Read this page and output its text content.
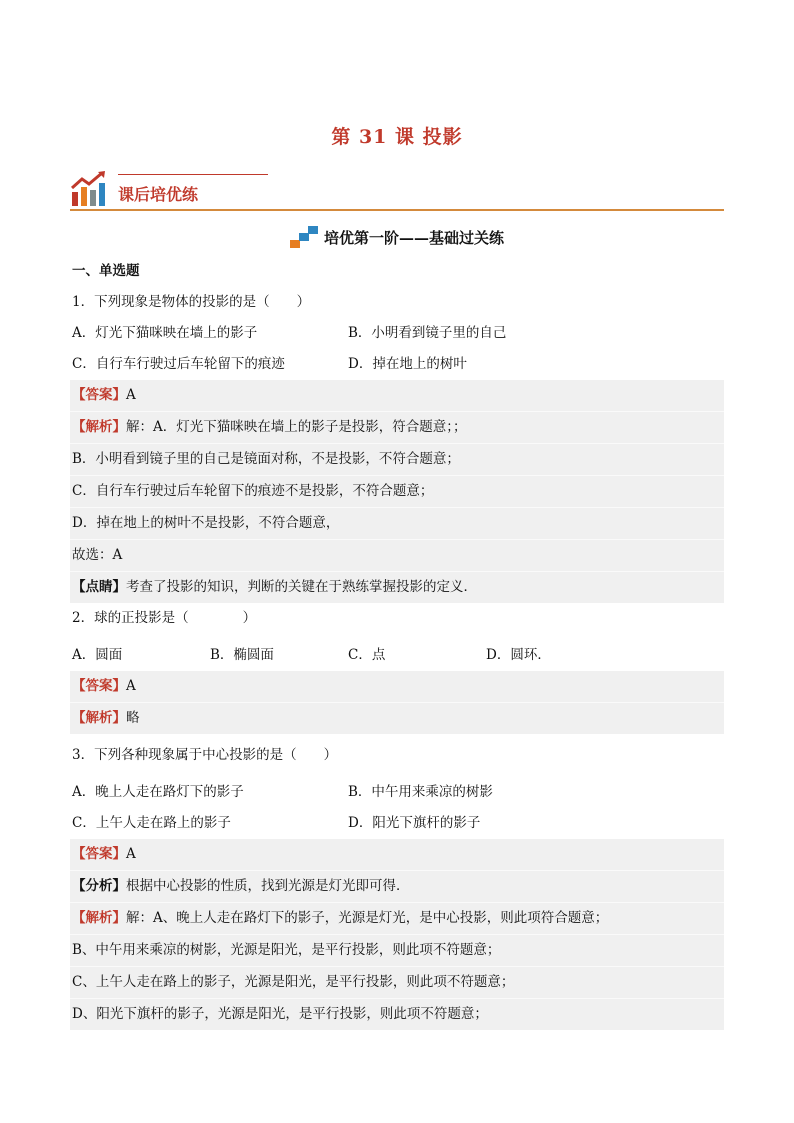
第 31 课 投影
课后培优练
培优第一阶——基础过关练
一、单选题
1．下列现象是物体的投影的是（　　）
A．灯光下猫咪映在墙上的影子	B．小明看到镜子里的自己
C．自行车行驶过后车轮留下的痕迹	D．掉在地上的树叶
【答案】A
【解析】解：A．灯光下猫咪映在墙上的影子是投影，符合题意；；
B．小明看到镜子里的自己是镜面对称，不是投影，不符合题意；
C．自行车行驶过后车轮留下的痕迹不是投影，不符合题意；
D．掉在地上的树叶不是投影，不符合题意，
故选：A
【点睛】考查了投影的知识，判断的关键在于熟练掌握投影的定义．
2．球的正投影是（　　　　）
A．圆面	B．椭圆面	C．点	D．圆环．
【答案】A
【解析】略
3．下列各种现象属于中心投影的是（　　）
A．晚上人走在路灯下的影子	B．中午用来乘凉的树影
C．上午人走在路上的影子	D．阳光下旗杆的影子
【答案】A
【分析】根据中心投影的性质，找到光源是灯光即可得．
【解析】解：A、晚上人走在路灯下的影子，光源是灯光，是中心投影，则此项符合题意；
B、中午用来乘凉的树影，光源是阳光，是平行投影，则此项不符题意；
C、上午人走在路上的影子，光源是阳光，是平行投影，则此项不符题意；
D、阳光下旗杆的影子，光源是阳光，是平行投影，则此项不符题意；
